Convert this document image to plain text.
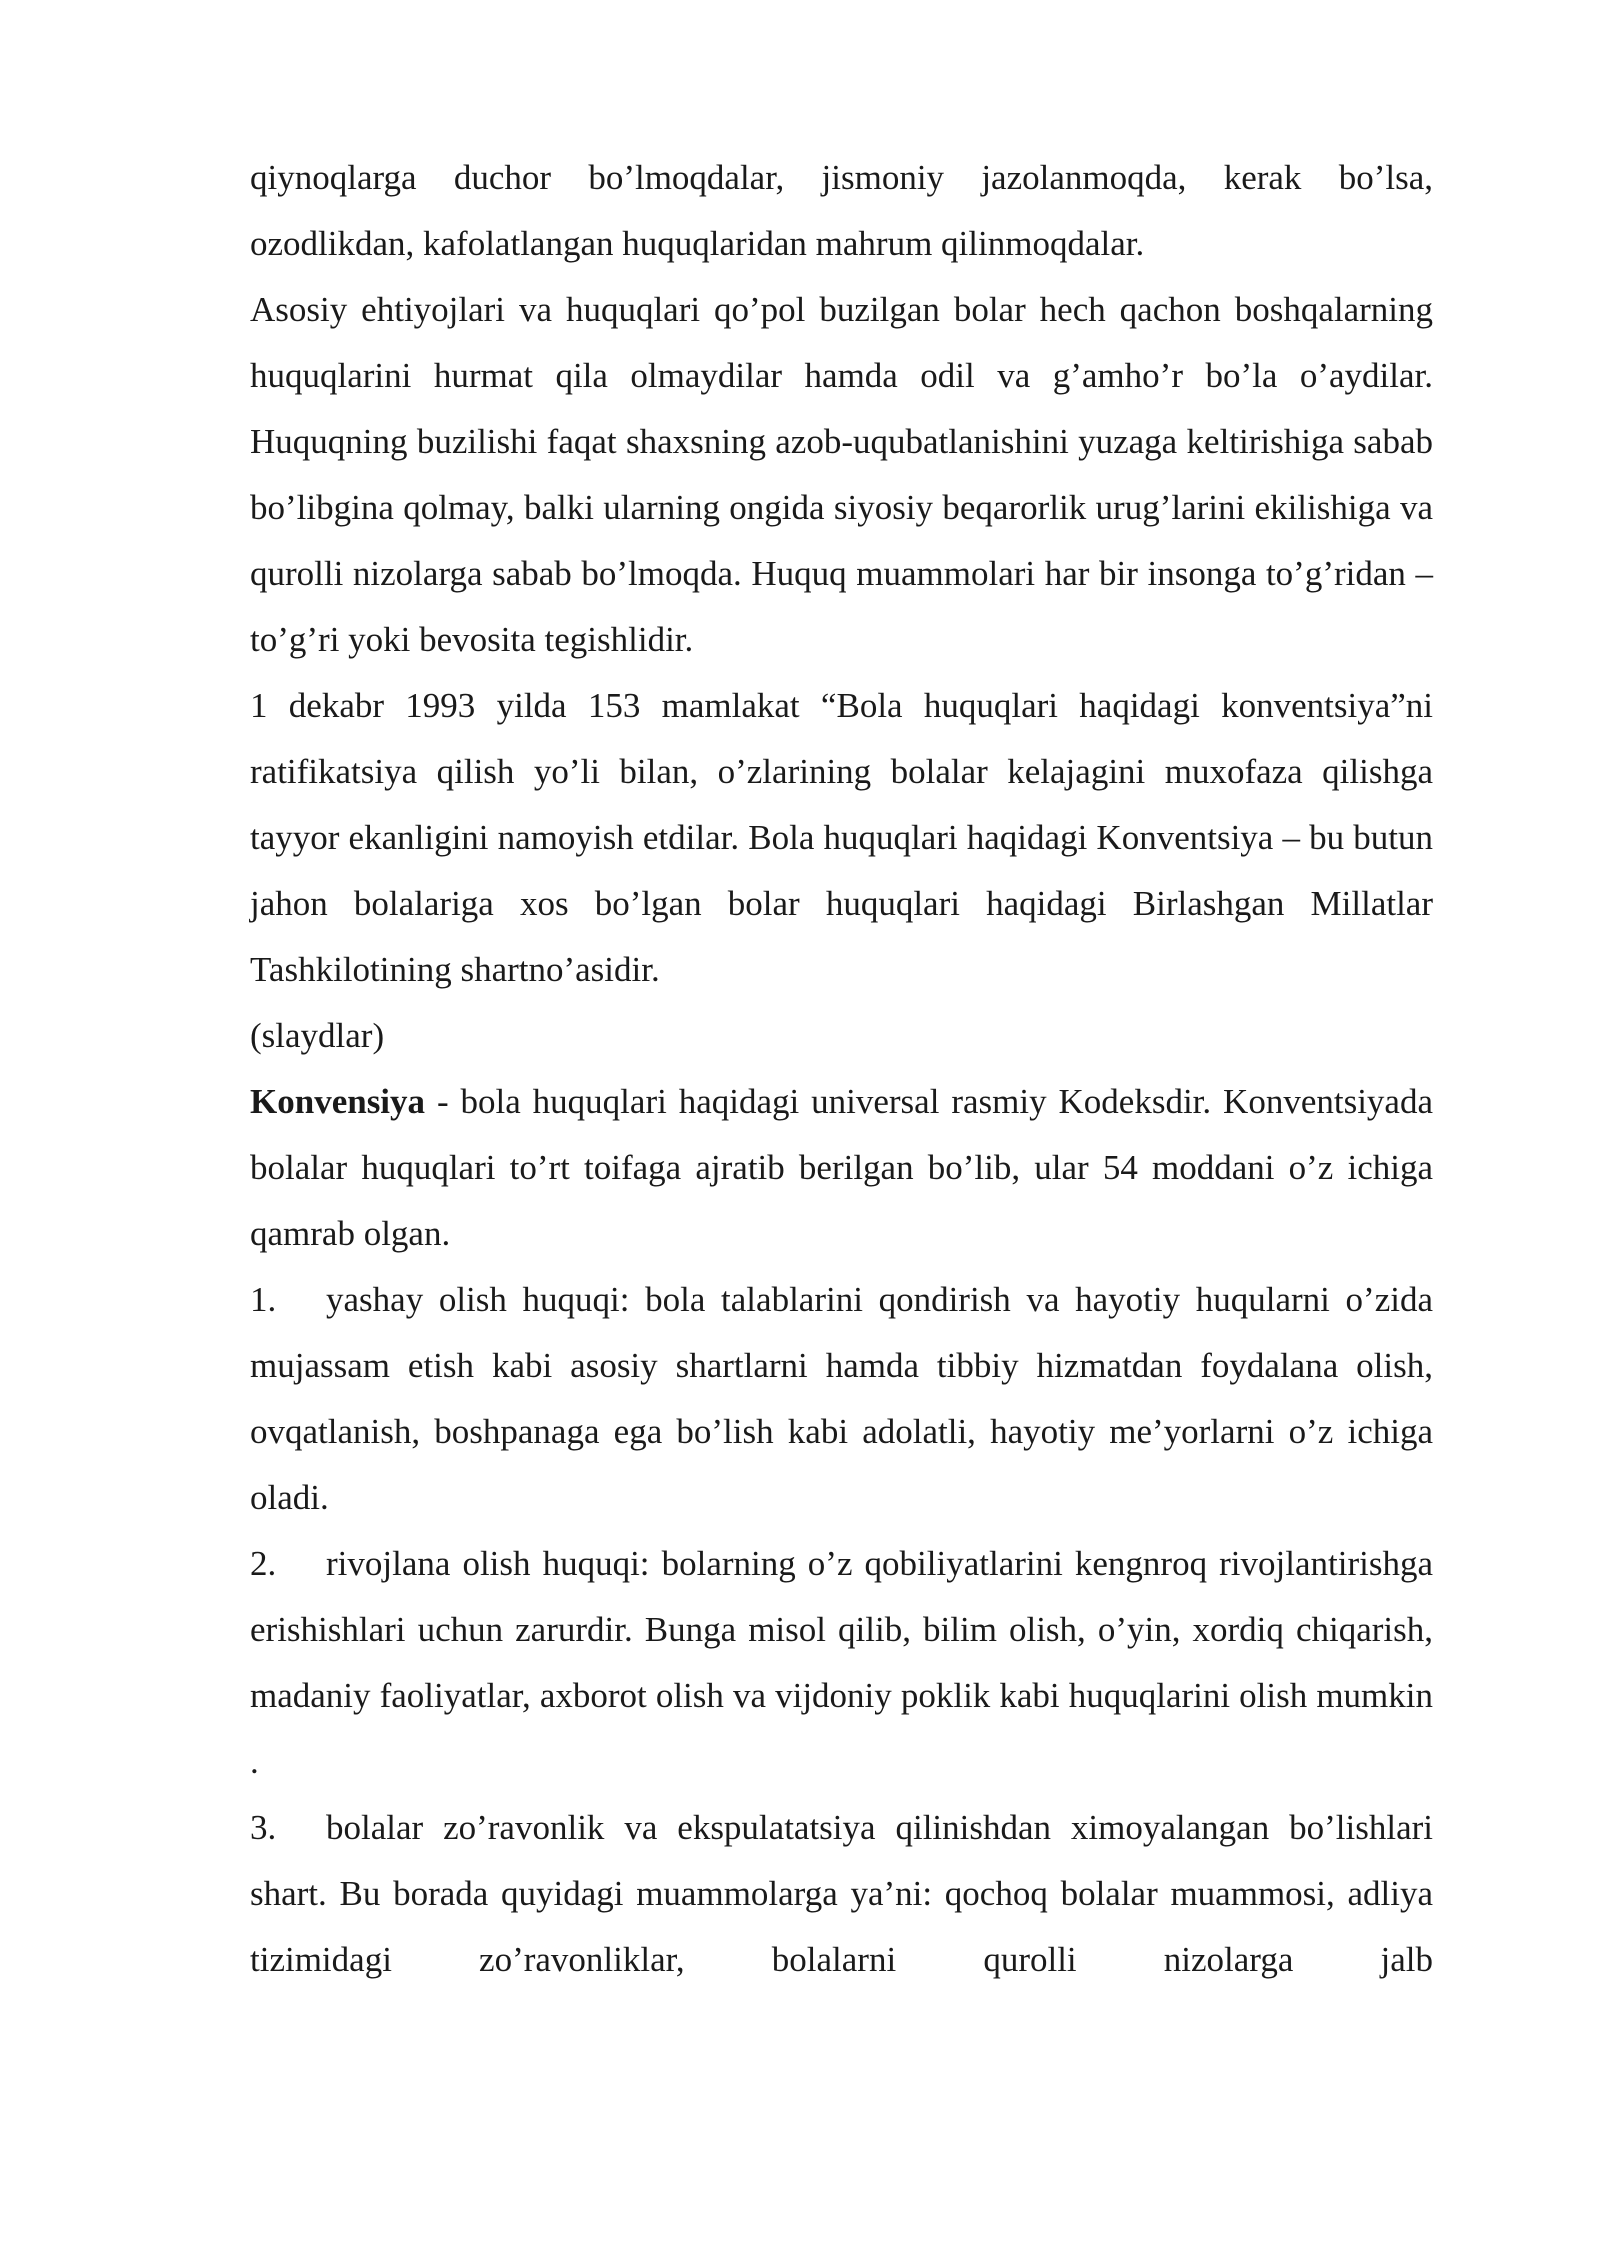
qiynoqlarga duchor bo’lmoqdalar, jismoniy jazolanmoqda, kerak bo’lsa, ozodlikdan, kafolatlangan huquqlaridan mahrum qilinmoqdalar.

Asosiy ehtiyojlari va huquqlari qo’pol buzilgan bolar hech qachon boshqalarning huquqlarini hurmat qila olmaydilar hamda odil va g’amho’r bo’la o’aydilar. Huquqning buzilishi faqat shaxsning azob-uqubatlanishini yuzaga keltirishiga sabab bo’libgina qolmay, balki ularning ongida siyosiy beqarorlik urug’larini ekilishiga va qurolli nizolarga sabab bo’lmoqda. Huquq muammolari har bir insonga to’g’ridan – to’g’ri yoki bevosita tegishlidir.

1 dekabr 1993 yilda 153 mamlakat “Bola huquqlari haqidagi konventsiya”ni ratifikatsiya qilish yo’li bilan, o’zlarining bolalar kelajagini muxofaza qilishga tayyor ekanligini namoyish etdilar. Bola huquqlari haqidagi Konventsiya – bu butun jahon bolalariga xos bo’lgan bolar huquqlari haqidagi Birlashgan Millatlar Tashkilotining shartno’asidir.

(slaydlar)

Konvensiya - bola huquqlari haqidagi universal rasmiy Kodeksdir. Konventsiyada bolalar huquqlari to’rt toifaga ajratib berilgan bo’lib, ular 54 moddani o’z ichiga qamrab olgan.

1. yashay olish huquqi: bola talablarini qondirish va hayotiy huqularni o’zida mujassam etish kabi asosiy shartlarni hamda tibbiy hizmatdan foydalana olish, ovqatlanish, boshpanaga ega bo’lish kabi adolatli, hayotiy me’yorlarni o’z ichiga oladi.

2. rivojlana olish huquqi: bolarning o’z qobiliyatlarini kengnroq rivojlantirishga erishishlari uchun zarurdir. Bunga misol qilib, bilim olish, o’yin, xordiq chiqarish, madaniy faoliyatlar, axborot olish va vijdoniy poklik kabi huquqlarini olish mumkin .

3. bolalar zo’ravonlik va ekspulatatsiya qilinishdan ximoyalangan bo’lishlari shart. Bu borada quyidagi muammolarga ya’ni: qochoq bolalar muammosi, adliya tizimidagi zo’ravonliklar, bolalarni qurolli nizolarga jalb
